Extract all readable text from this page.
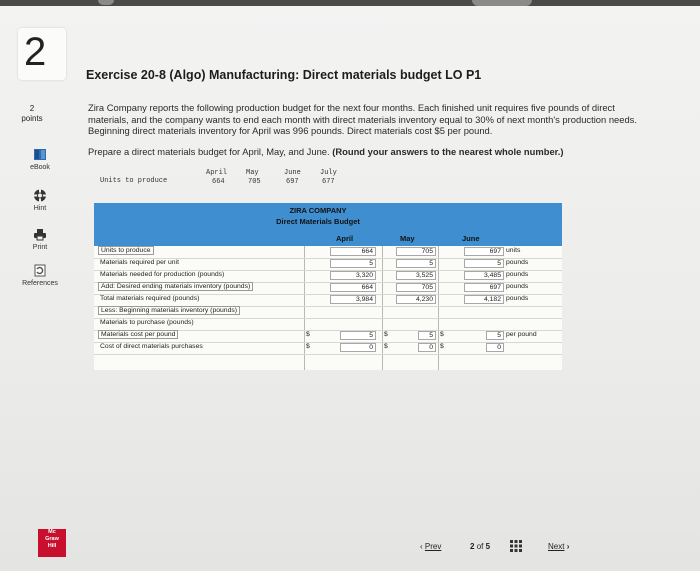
2
2
points
eBook
Hint
Print
References
Exercise 20-8 (Algo) Manufacturing: Direct materials budget LO P1
Zira Company reports the following production budget for the next four months. Each finished unit requires five pounds of direct
materials, and the company wants to end each month with direct materials inventory equal to 30% of next month's production needs.
Beginning direct materials inventory for April was 996 pounds. Direct materials cost $5 per pound.
Prepare a direct materials budget for April, May, and June. (Round your answers to the nearest whole number.)
Units to produce
April	May	June	July
664	705	697	677
ZIRA COMPANY
Direct Materials Budget
April	May	June
Units to produce	664	705	697 units
Materials required per unit	5	5	5 pounds
Materials needed for production (pounds)	3,320	3,525	3,485 pounds
Add: Desired ending materials inventory (pounds)	664	705	697 pounds
Total materials required (pounds)	3,984	4,230	4,182 pounds
Less: Beginning materials inventory (pounds)
Materials to purchase (pounds)
Materials cost per pound	$	5	$	5	$	5 per pound
Cost of direct materials purchases	$	0	$	0	$	0
‹ Prev	2 of 5	Next ›
Mc
Graw
Hill
